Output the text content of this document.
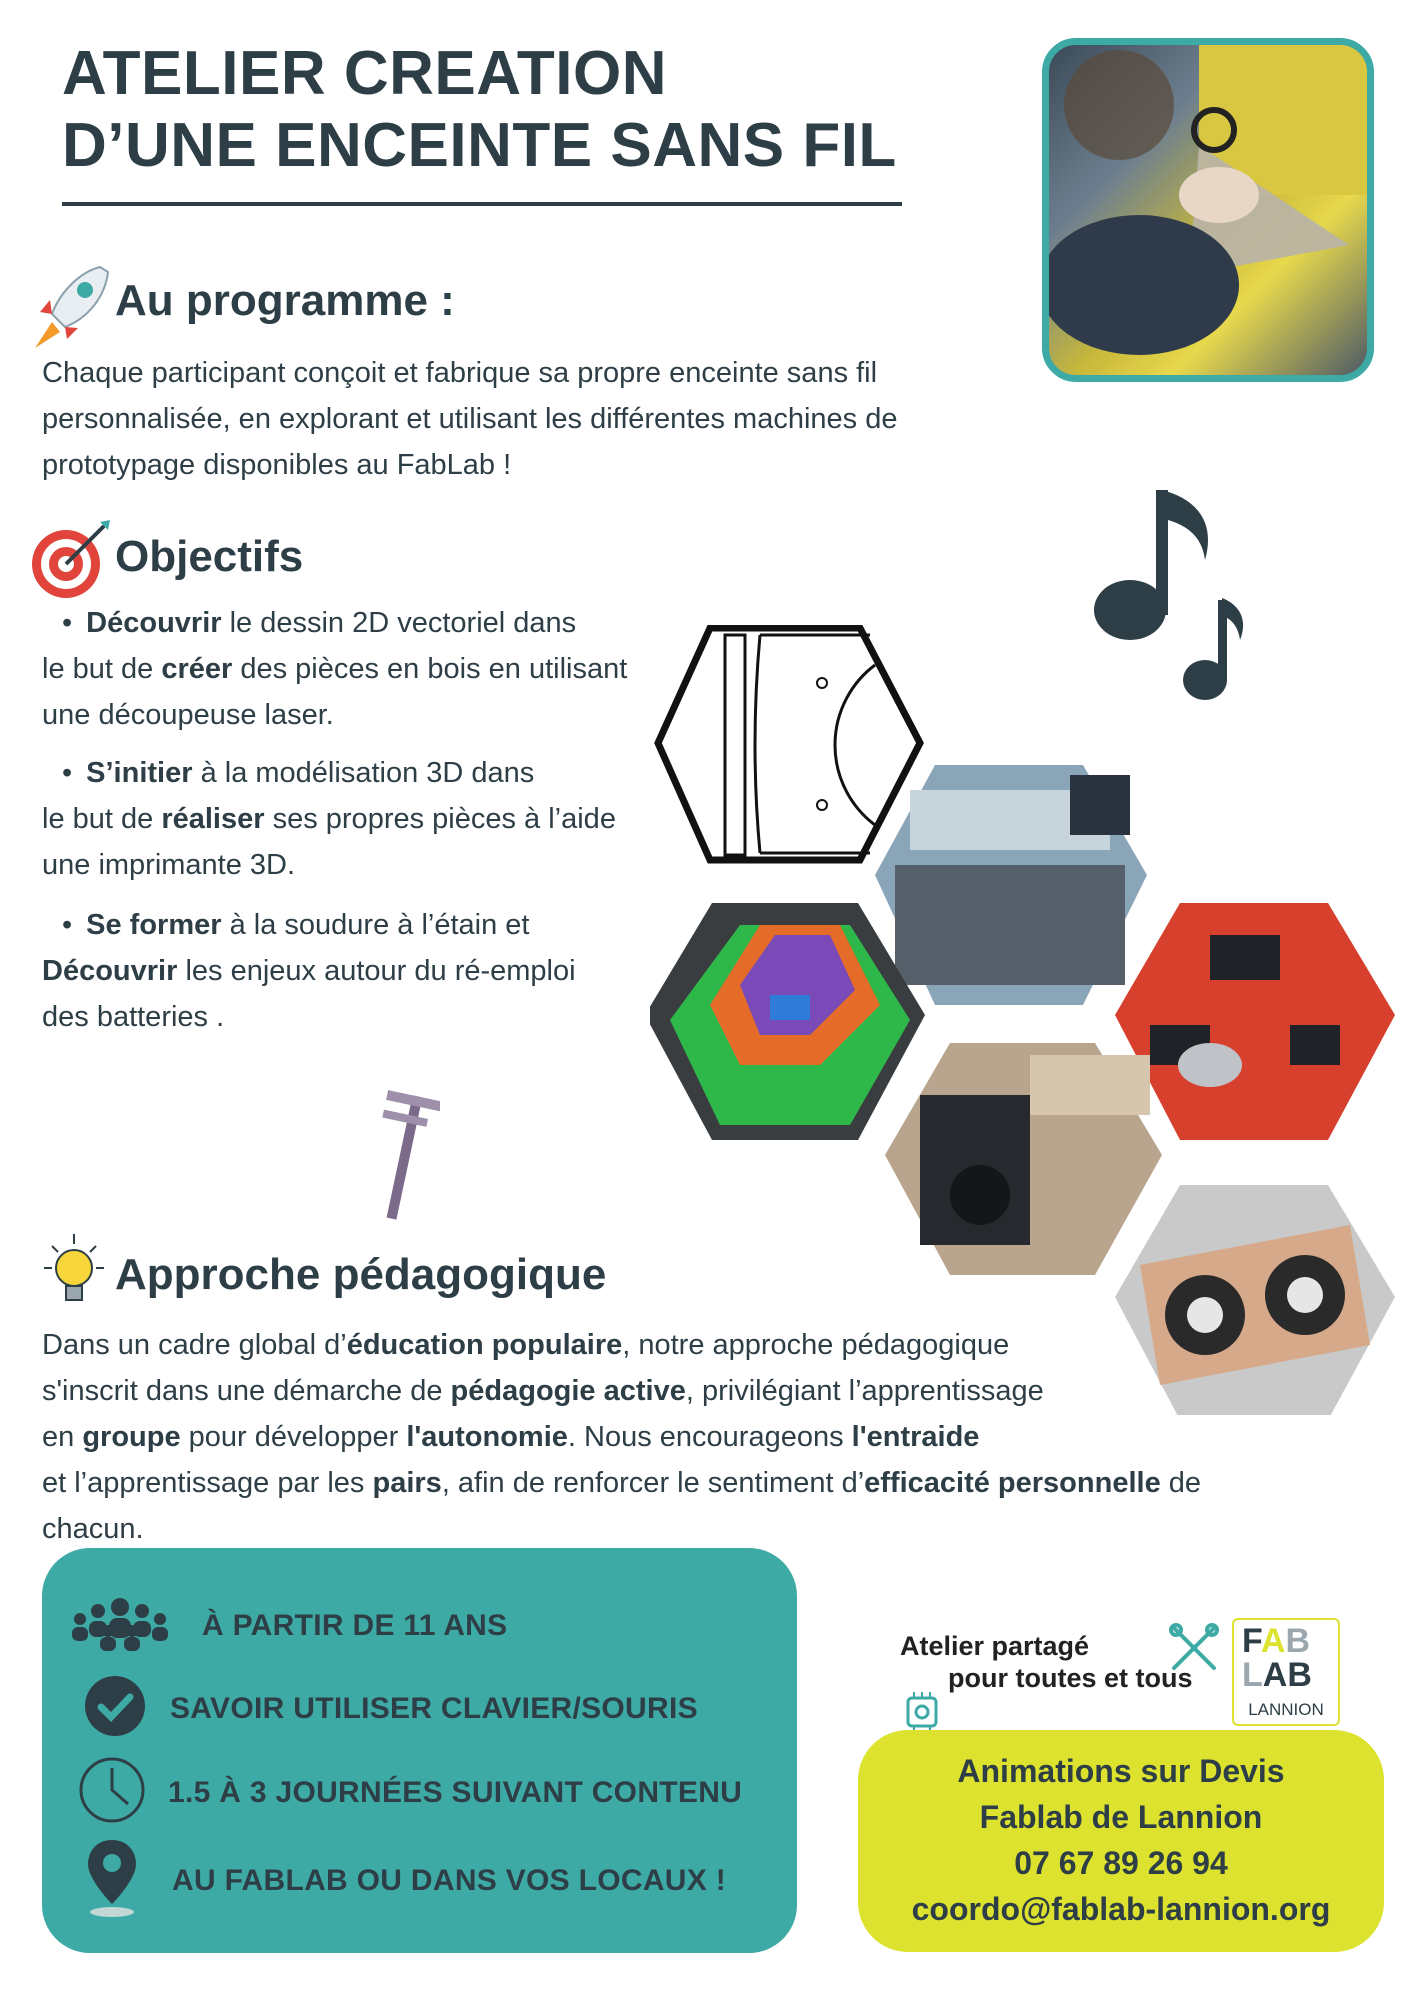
ATELIER CREATION
D’UNE ENCEINTE SANS FIL
Au programme :
Chaque participant conçoit et fabrique sa propre enceinte sans fil
personnalisée, en explorant et utilisant les différentes machines de
prototypage disponibles au FabLab !
Objectifs
• Découvrir le dessin 2D vectoriel dans
le but de créer des pièces en bois en utilisant
une découpeuse laser.
• S’initier à la modélisation 3D dans
le but de réaliser ses propres pièces à l’aide
une imprimante 3D.
• Se former à la soudure à l’étain et
Découvrir les enjeux autour du ré-emploi
des batteries .
Approche pédagogique
Dans un cadre global d’éducation populaire, notre approche pédagogique
s'inscrit dans une démarche de pédagogie active, privilégiant l’apprentissage
en groupe pour développer l'autonomie. Nous encourageons l'entraide
et l’apprentissage par les pairs, afin de renforcer le sentiment d’efficacité personnelle de
chacun.
À PARTIR DE 11 ANS
SAVOIR UTILISER CLAVIER/SOURIS
1.5 À 3 JOURNÉES SUIVANT CONTENU
AU FABLAB OU DANS VOS LOCAUX !
Atelier partagé
pour toutes et tous
FAB
LAB
LANNION
Animations sur Devis
Fablab de Lannion
07 67 89 26 94
coordo@fablab-lannion.org
